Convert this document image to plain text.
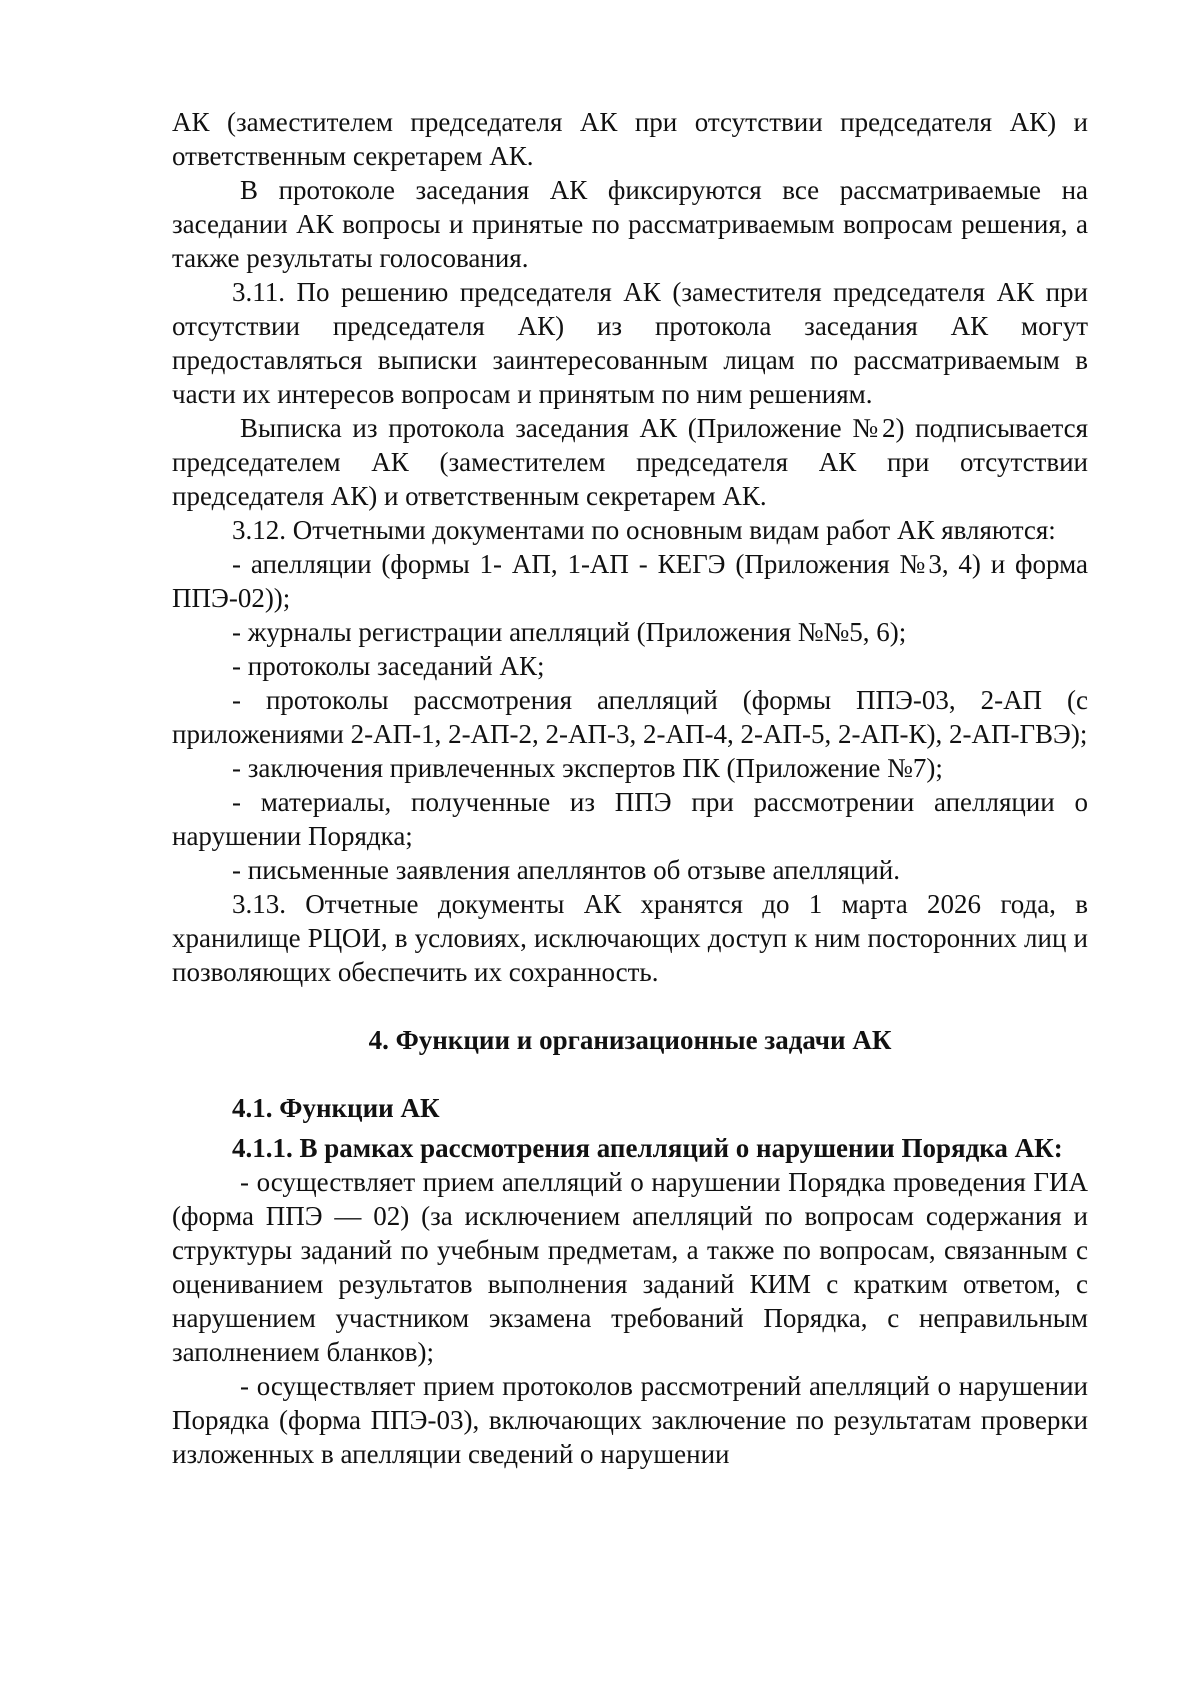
АК (заместителем председателя АК при отсутствии председателя АК) и ответственным секретарем АК.

В протоколе заседания АК фиксируются все рассматриваемые на заседании АК вопросы и принятые по рассматриваемым вопросам решения, а также результаты голосования.

3.11. По решению председателя АК (заместителя председателя АК при отсутствии председателя АК) из протокола заседания АК могут предоставляться выписки заинтересованным лицам по рассматриваемым в части их интересов вопросам и принятым по ним решениям.

Выписка из протокола заседания АК (Приложение №2) подписывается председателем АК (заместителем председателя АК при отсутствии председателя АК) и ответственным секретарем АК.

3.12. Отчетными документами по основным видам работ АК являются:

- апелляции (формы 1- АП, 1-АП - КЕГЭ (Приложения №3, 4) и форма ППЭ-02));

- журналы регистрации апелляций (Приложения №№5, 6);

- протоколы заседаний АК;

- протоколы рассмотрения апелляций (формы ППЭ-03, 2-АП (с приложениями 2-АП-1, 2-АП-2, 2-АП-3, 2-АП-4, 2-АП-5, 2-АП-К), 2-АП-ГВЭ);

- заключения привлеченных экспертов ПК (Приложение №7);

- материалы, полученные из ППЭ при рассмотрении апелляции о нарушении Порядка;

- письменные заявления апеллянтов об отзыве апелляций.

3.13. Отчетные документы АК хранятся до 1 марта 2026 года, в хранилище РЦОИ, в условиях, исключающих доступ к ним посторонних лиц и позволяющих обеспечить их сохранность.

4. Функции и организационные задачи АК

4.1. Функции АК

4.1.1. В рамках рассмотрения апелляций о нарушении Порядка АК:

- осуществляет прием апелляций о нарушении Порядка проведения ГИА (форма ППЭ — 02) (за исключением апелляций по вопросам содержания и структуры заданий по учебным предметам, а также по вопросам, связанным с оцениванием результатов выполнения заданий КИМ с кратким ответом, с нарушением участником экзамена требований Порядка, с неправильным заполнением бланков);

- осуществляет прием протоколов рассмотрений апелляций о нарушении Порядка (форма ППЭ-03), включающих заключение по результатам проверки изложенных в апелляции сведений о нарушении
